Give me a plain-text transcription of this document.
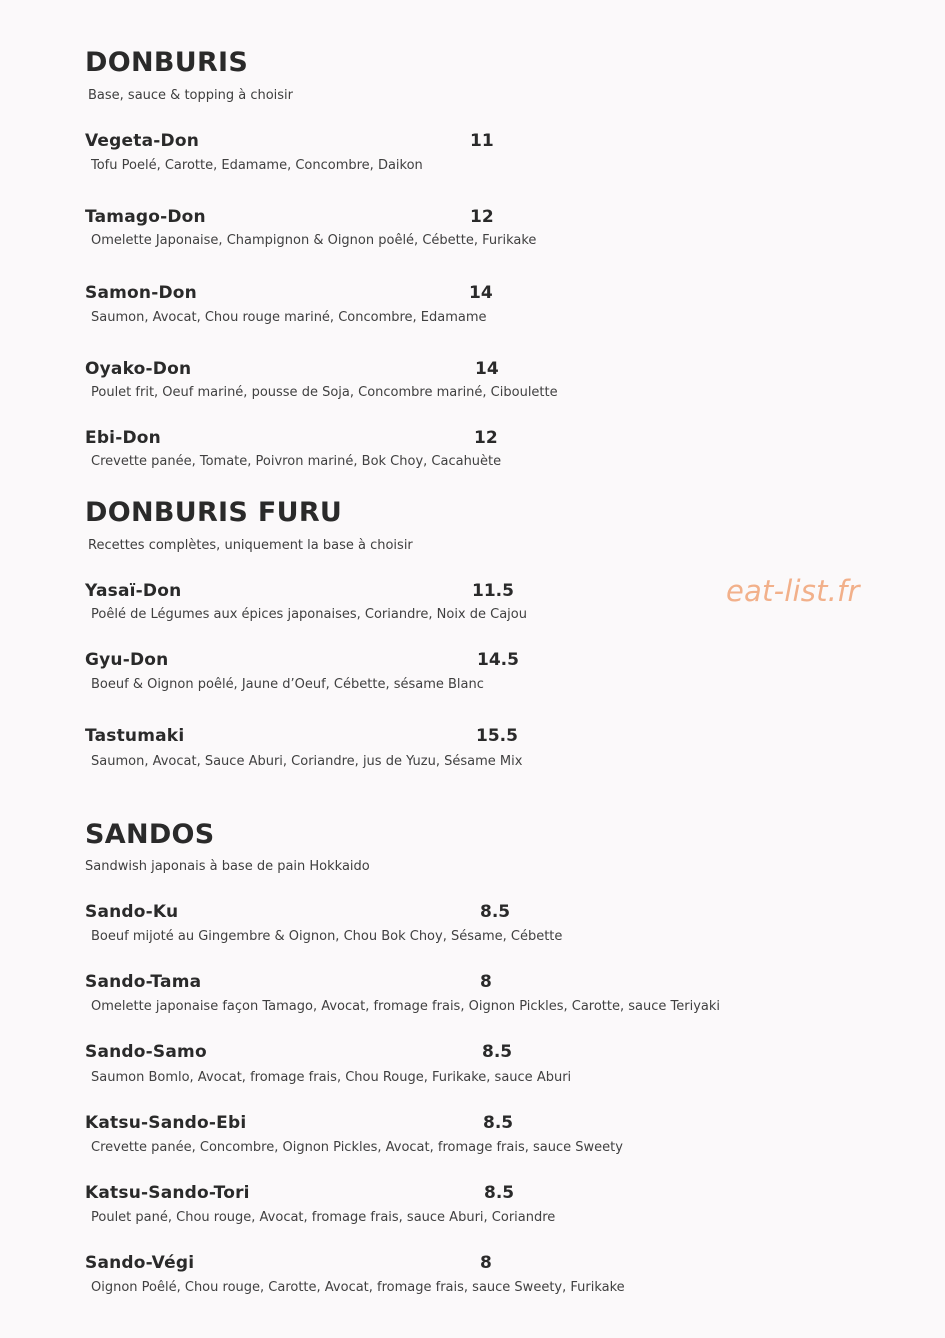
DONBURIS
Base, sauce & topping à choisir
Vegeta-Don	11
Tofu Poelé, Carotte, Edamame, Concombre, Daikon
Tamago-Don	12
Omelette Japonaise, Champignon & Oignon poêlé, Cébette, Furikake
Samon-Don	14
Saumon, Avocat, Chou rouge mariné, Concombre, Edamame
Oyako-Don	14
Poulet frit, Oeuf mariné, pousse de Soja, Concombre mariné, Ciboulette
Ebi-Don	12
Crevette panée, Tomate, Poivron mariné, Bok Choy, Cacahuète
DONBURIS FURU
Recettes complètes, uniquement la base à choisir
Yasaï-Don	11.5
Poêlé de Légumes aux épices japonaises, Coriandre, Noix de Cajou
eat-list.fr
Gyu-Don	14.5
Boeuf & Oignon poêlé, Jaune d’Oeuf, Cébette, sésame Blanc
Tastumaki	15.5
Saumon, Avocat, Sauce Aburi, Coriandre, jus de Yuzu, Sésame Mix
SANDOS
Sandwish japonais à base de pain Hokkaido
Sando-Ku	8.5
Boeuf mijoté au Gingembre & Oignon, Chou Bok Choy, Sésame, Cébette
Sando-Tama	8
Omelette japonaise façon Tamago, Avocat, fromage frais, Oignon Pickles, Carotte, sauce Teriyaki
Sando-Samo	8.5
Saumon Bomlo, Avocat, fromage frais, Chou Rouge, Furikake, sauce Aburi
Katsu-Sando-Ebi	8.5
Crevette panée, Concombre, Oignon Pickles, Avocat, fromage frais, sauce Sweety
Katsu-Sando-Tori	8.5
Poulet pané, Chou rouge, Avocat, fromage frais, sauce Aburi, Coriandre
Sando-Végi	8
Oignon Poêlé, Chou rouge, Carotte, Avocat, fromage frais, sauce Sweety, Furikake
